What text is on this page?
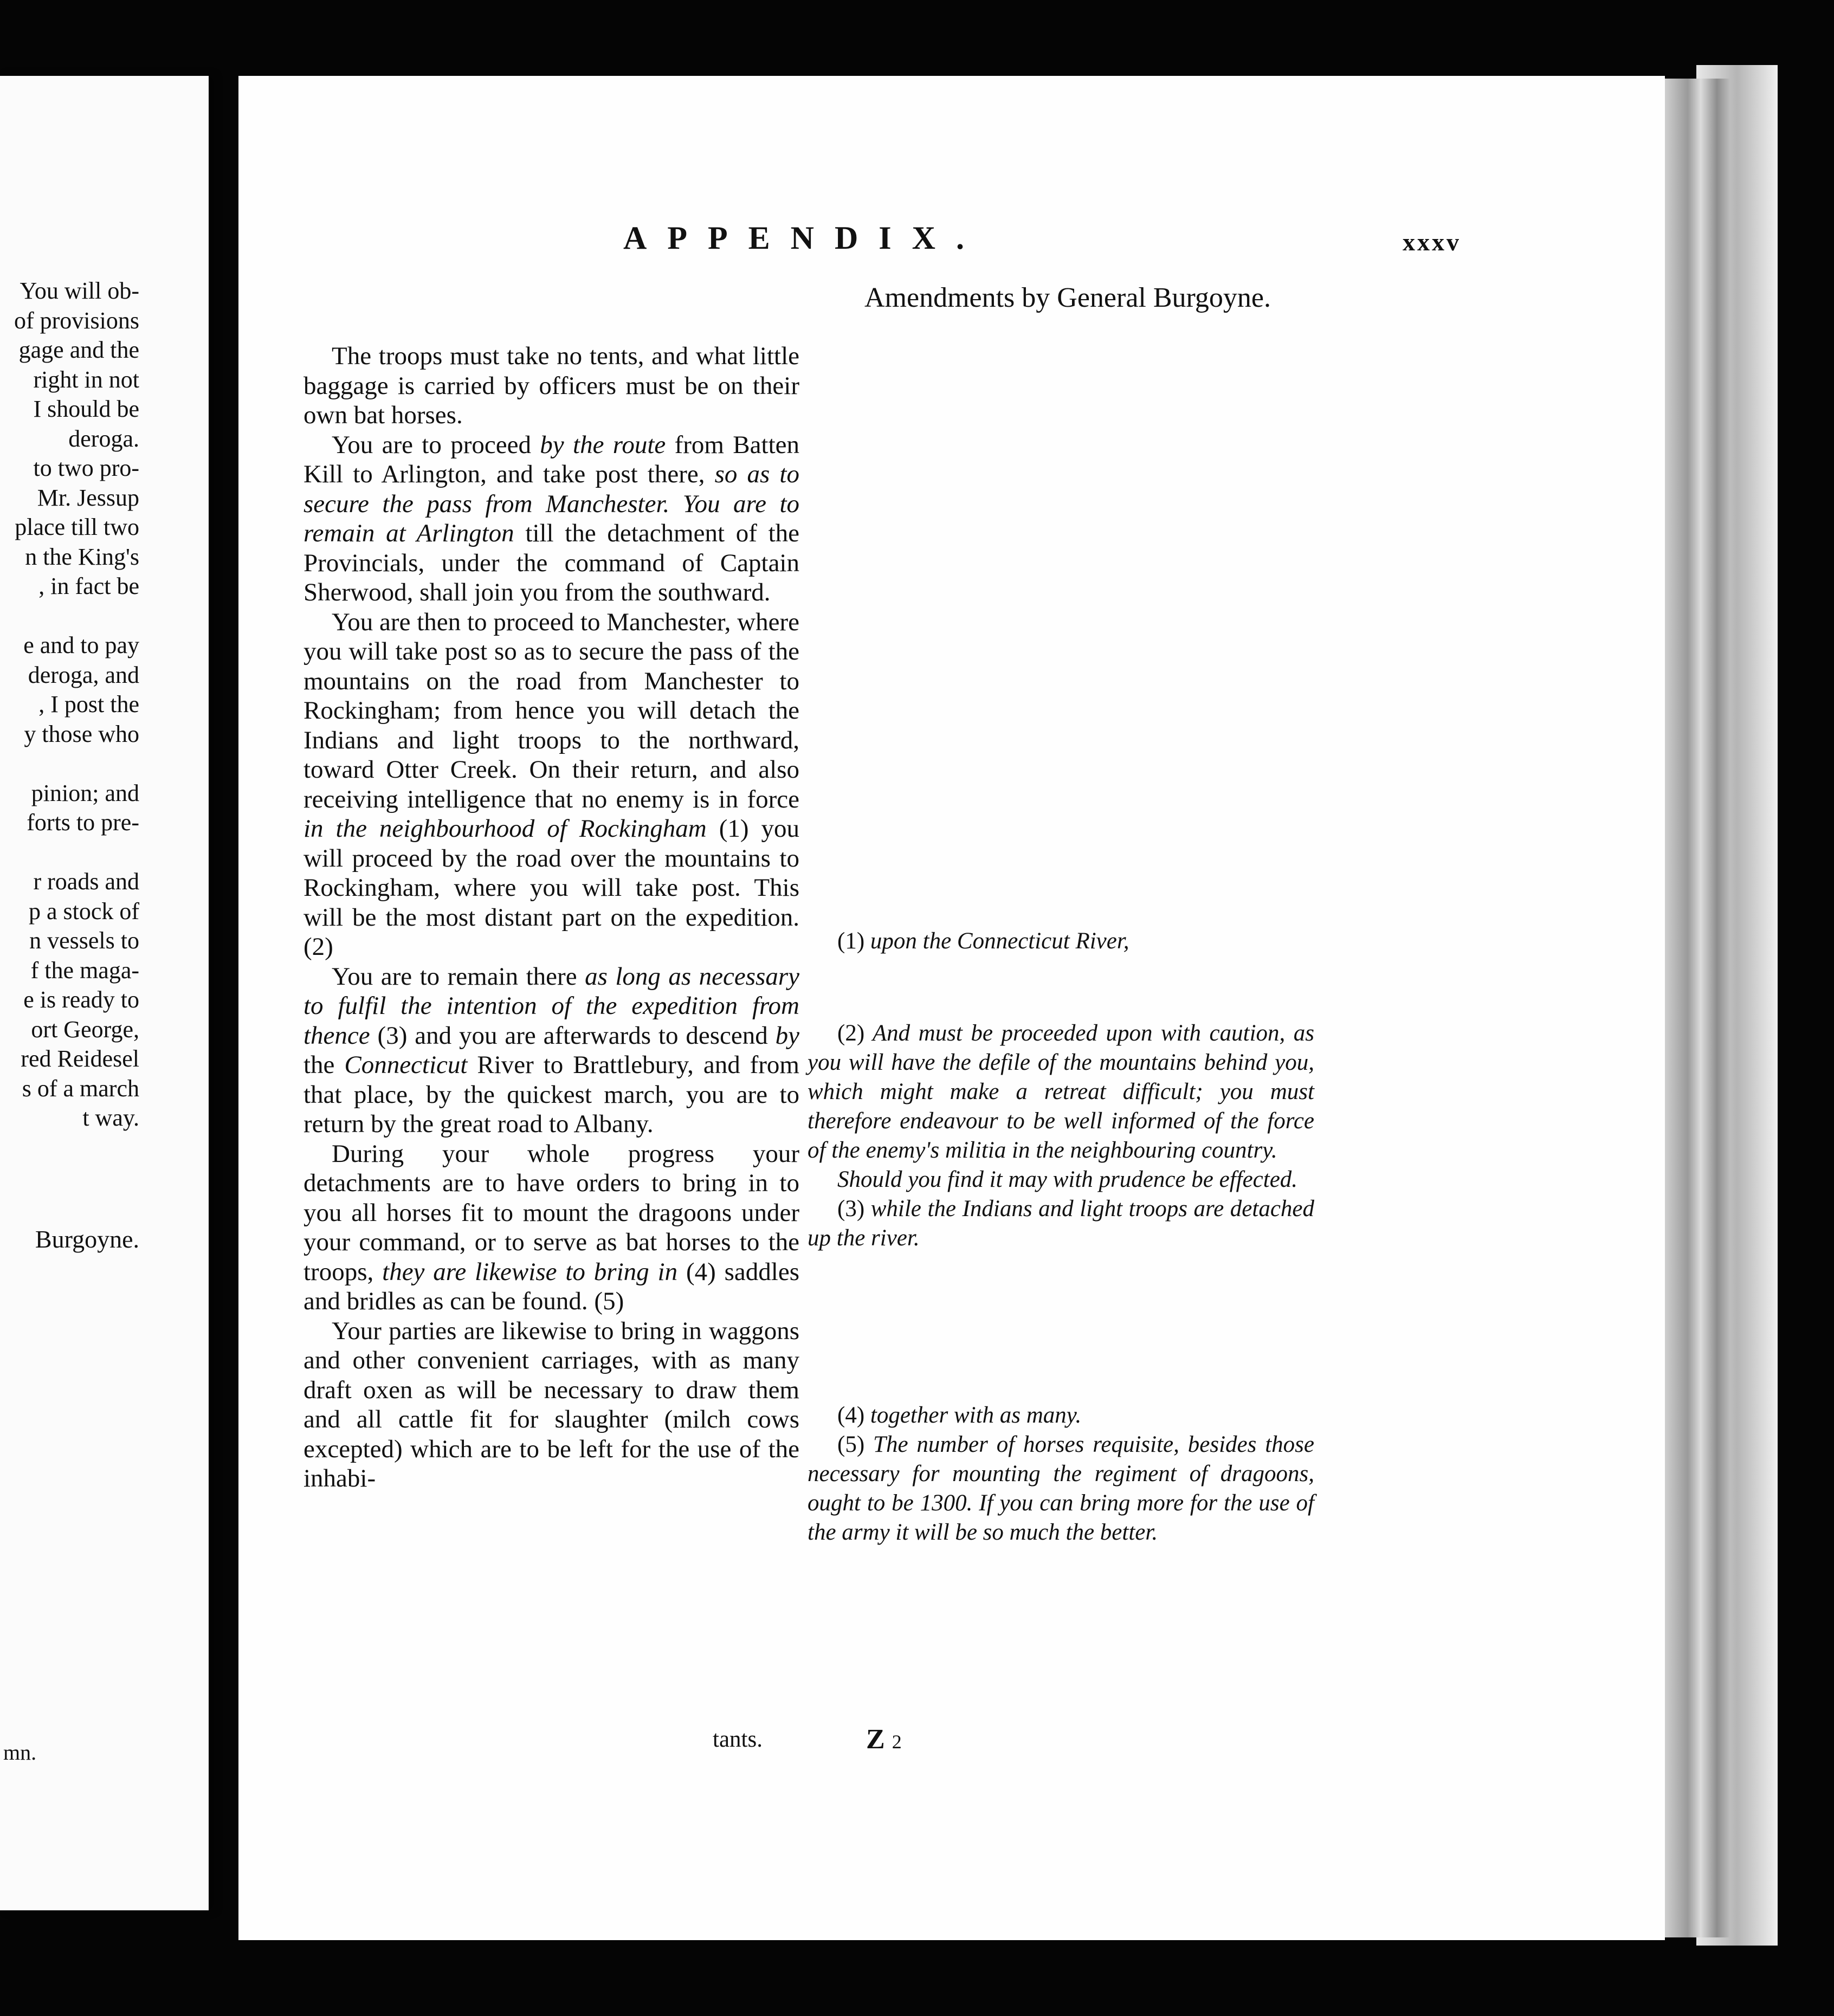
You will ob-
of provisions
gage and the
right in not
I should be
deroga.
to two pro-
Mr. Jessup
place till two
n the King's
, in fact be
e and to pay
deroga, and
, I post the
y those who
pinion; and
forts to pre-
r roads and
p a stock of
n vessels to
f the maga-
e is ready to
ort George,
red Reidesel
s of a march
t way.
Burgoyne.
mn.
APPENDIX.	xxxv
Amendments by General Burgoyne.

The troops must take no tents, and what little baggage is carried by officers must be on their own bat horses.

You are to proceed by the route from Batten Kill to Arlington, and take post there, so as to secure the pass from Manchester. You are to remain at Arlington till the detachment of the Provincials, under the command of Captain Sherwood, shall join you from the southward.

You are then to proceed to Manchester, where you will take post so as to secure the pass of the mountains on the road from Manchester to Rockingham; from hence you will detach the Indians and light troops to the northward, toward Otter Creek. On their return, and also receiving intelligence that no enemy is in force in the neighbourhood of Rockingham (1) you will proceed by the road over the mountains to Rockingham, where you will take post. This will be the most distant part on the expedition. (2)

You are to remain there as long as necessary to fulfil the intention of the expedition from thence (3) and you are afterwards to descend by the Connecticut River to Brattlebury, and from that place, by the quickest march, you are to return by the great road to Albany.

During your whole progress your detachments are to have orders to bring in to you all horses fit to mount the dragoons under your command, or to serve as bat horses to the troops, they are likewise to bring in (4) saddles and bridles as can be found. (5)

Your parties are likewise to bring in waggons and other convenient carriages, with as many draft oxen as will be necessary to draw them and all cattle fit for slaughter (milch cows excepted) which are to be left for the use of the inhabi-

(1) upon the Connecticut River,

(2) And must be proceeded upon with caution, as you will have the defile of the mountains behind you, which might make a retreat difficult; you must therefore endeavour to be well informed of the force of the enemy's militia in the neighbouring country.

Should you find it may with prudence be effected.

(3) while the Indians and light troops are detached up the river.

(4) together with as many.

(5) The number of horses requisite, besides those necessary for mounting the regiment of dragoons, ought to be 1300. If you can bring more for the use of the army it will be so much the better.

Z 2
tants.
